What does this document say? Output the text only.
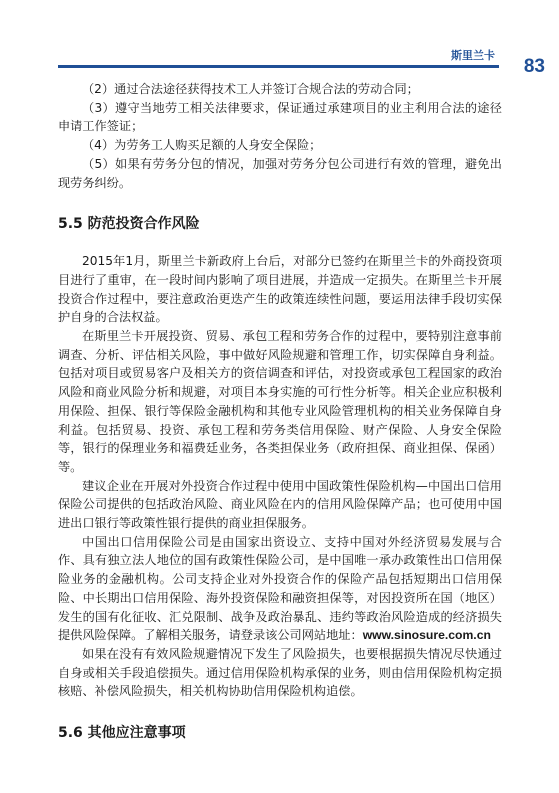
斯里兰卡
83

（2）通过合法途径获得技术工人并签订合规合法的劳动合同；

（3）遵守当地劳工相关法律要求，保证通过承建项目的业主利用合法的途径申请工作签证；

（4）为劳务工人购买足额的人身安全保险；

（5）如果有劳务分包的情况，加强对劳务分包公司进行有效的管理，避免出现劳务纠纷。

5.5 防范投资合作风险

2015年1月，斯里兰卡新政府上台后，对部分已签约在斯里兰卡的外商投资项目进行了重审，在一段时间内影响了项目进展，并造成一定损失。在斯里兰卡开展投资合作过程中，要注意政治更迭产生的政策连续性问题，要运用法律手段切实保护自身的合法权益。

在斯里兰卡开展投资、贸易、承包工程和劳务合作的过程中，要特别注意事前调查、分析、评估相关风险，事中做好风险规避和管理工作，切实保障自身利益。包括对项目或贸易客户及相关方的资信调查和评估，对投资或承包工程国家的政治风险和商业风险分析和规避，对项目本身实施的可行性分析等。相关企业应积极利用保险、担保、银行等保险金融机构和其他专业风险管理机构的相关业务保障自身利益。包括贸易、投资、承包工程和劳务类信用保险、财产保险、人身安全保险等，银行的保理业务和福费廷业务，各类担保业务（政府担保、商业担保、保函）等。

建议企业在开展对外投资合作过程中使用中国政策性保险机构—中国出口信用保险公司提供的包括政治风险、商业风险在内的信用风险保障产品；也可使用中国进出口银行等政策性银行提供的商业担保服务。

中国出口信用保险公司是由国家出资设立、支持中国对外经济贸易发展与合作、具有独立法人地位的国有政策性保险公司，是中国唯一承办政策性出口信用保险业务的金融机构。公司支持企业对外投资合作的保险产品包括短期出口信用保险、中长期出口信用保险、海外投资保险和融资担保等，对因投资所在国（地区）发生的国有化征收、汇兑限制、战争及政治暴乱、违约等政治风险造成的经济损失提供风险保障。了解相关服务，请登录该公司网站地址：www.sinosure.com.cn

如果在没有有效风险规避情况下发生了风险损失，也要根据损失情况尽快通过自身或相关手段追偿损失。通过信用保险机构承保的业务，则由信用保险机构定损核赔、补偿风险损失，相关机构协助信用保险机构追偿。

5.6 其他应注意事项
